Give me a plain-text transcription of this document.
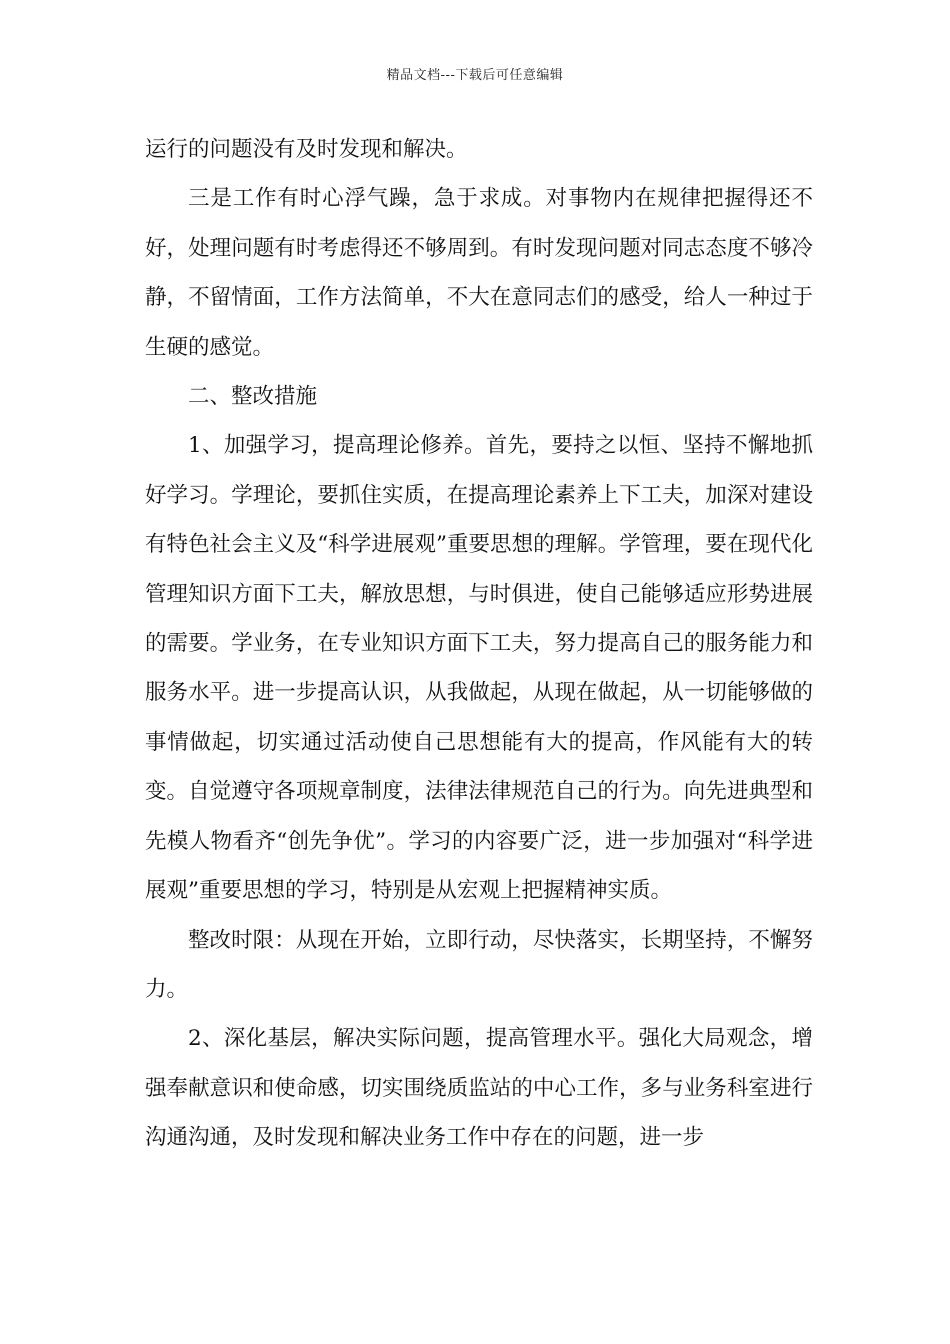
精品文档---下载后可任意编辑

运行的问题没有及时发现和解决。

三是工作有时心浮气躁，急于求成。对事物内在规律把握得还不好，处理问题有时考虑得还不够周到。有时发现问题对同志态度不够冷静，不留情面，工作方法简单，不大在意同志们的感受，给人一种过于生硬的感觉。

二、整改措施

1、加强学习，提高理论修养。首先，要持之以恒、坚持不懈地抓好学习。学理论，要抓住实质，在提高理论素养上下工夫，加深对建设有特色社会主义及“科学进展观”重要思想的理解。学管理，要在现代化管理知识方面下工夫，解放思想，与时俱进，使自己能够适应形势进展的需要。学业务，在专业知识方面下工夫，努力提高自己的服务能力和服务水平。进一步提高认识，从我做起，从现在做起，从一切能够做的事情做起，切实通过活动使自己思想能有大的提高，作风能有大的转变。自觉遵守各项规章制度，法律法律规范自己的行为。向先进典型和先模人物看齐“创先争优”。学习的内容要广泛，进一步加强对“科学进展观”重要思想的学习，特别是从宏观上把握精神实质。

整改时限：从现在开始，立即行动，尽快落实，长期坚持，不懈努力。

2、深化基层，解决实际问题，提高管理水平。强化大局观念，增强奉献意识和使命感，切实围绕质监站的中心工作，多与业务科室进行沟通沟通，及时发现和解决业务工作中存在的问题，进一步
